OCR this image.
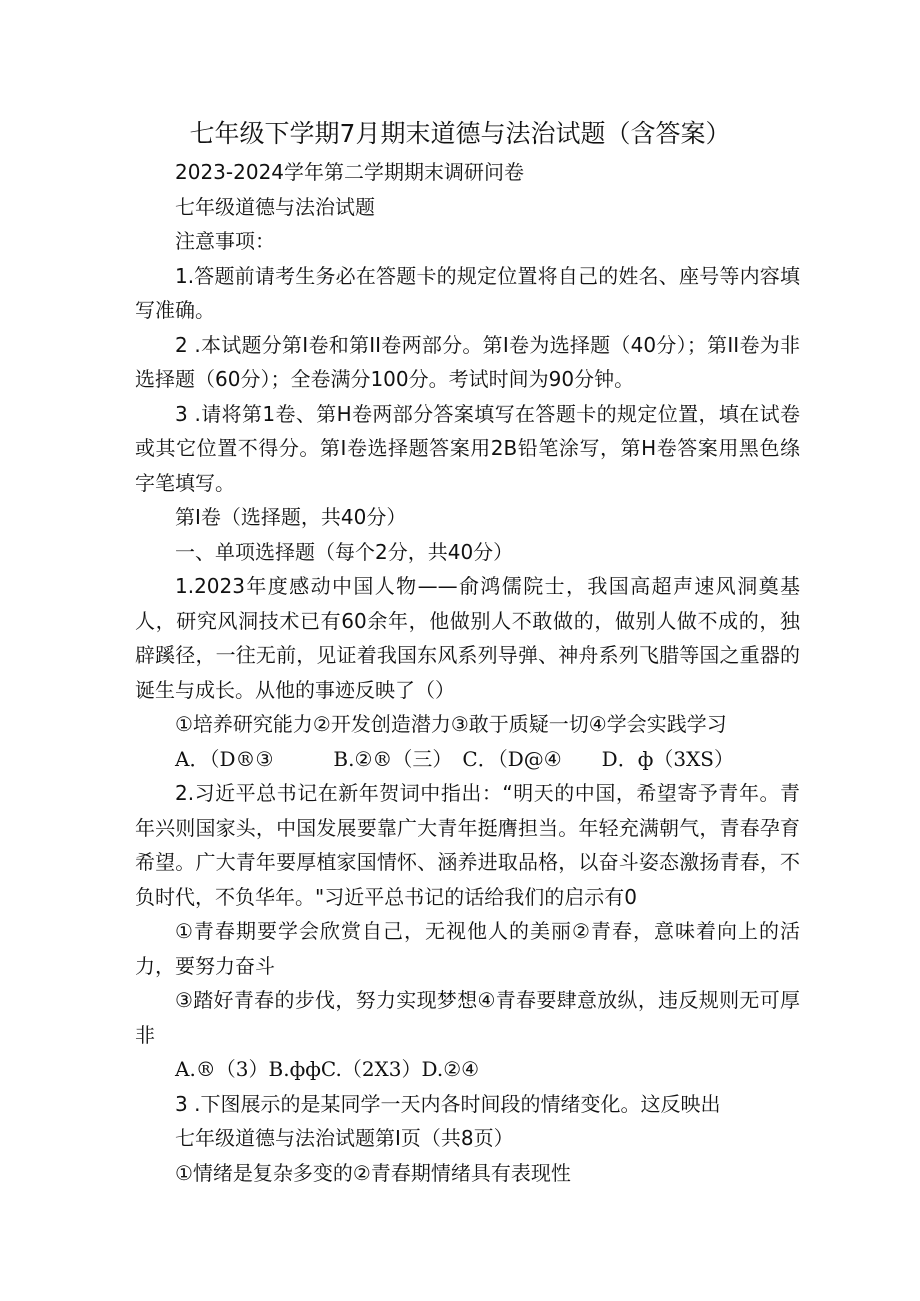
七年级下学期7月期末道德与法治试题（含答案）

2023-2024学年第二学期期末调研问卷

七年级道德与法治试题

注意事项：

1.答题前请考生务必在答题卡的规定位置将自己的姓名、座号等内容填写准确。

2 .本试题分第I卷和第II卷两部分。第I卷为选择题（40分）；第II卷为非选择题（60分）；全卷满分100分。考试时间为90分钟。

3 .请将第1卷、第H卷两部分答案填写在答题卡的规定位置，填在试卷或其它位置不得分。第I卷选择题答案用2B铅笔涂写，第H卷答案用黑色绦字笔填写。

第I卷（选择题，共40分）

一、单项选择题（每个2分，共40分）

1.2023年度感动中国人物——俞鸿儒院士，我国高超声速风洞奠基人，研究风洞技术已有60余年，他做别人不敢做的，做别人做不成的，独辟蹊径，一往无前，见证着我国东风系列导弹、神舟系列飞腊等国之重器的诞生与成长。从他的事迹反映了（）

①培养研究能力②开发创造潜力③敢于质疑一切④学会实践学习

A．（D®③　　　B.②®（三）　C．（D@④　　D．ф（3XS）

2.习近平总书记在新年贺词中指出：“明天的中国，希望寄予青年。青年兴则国家头，中国发展要靠广大青年挺膺担当。年轻充满朝气，青春孕育希望。广大青年要厚植家国情怀、涵养进取品格，以奋斗姿态激扬青春，不负时代，不负华年。"习近平总书记的话给我们的启示有0

①青春期要学会欣赏自己，无视他人的美丽②青春，意味着向上的活力，要努力奋斗

③踏好青春的步伐，努力实现梦想④青春要肆意放纵，违反规则无可厚非

A.®（3）B.ффC.（2X3）D.②④

3 .下图展示的是某同学一天内各时间段的情绪变化。这反映出

七年级道德与法治试题第I页（共8页）

①情绪是复杂多变的②青春期情绪具有表现性
